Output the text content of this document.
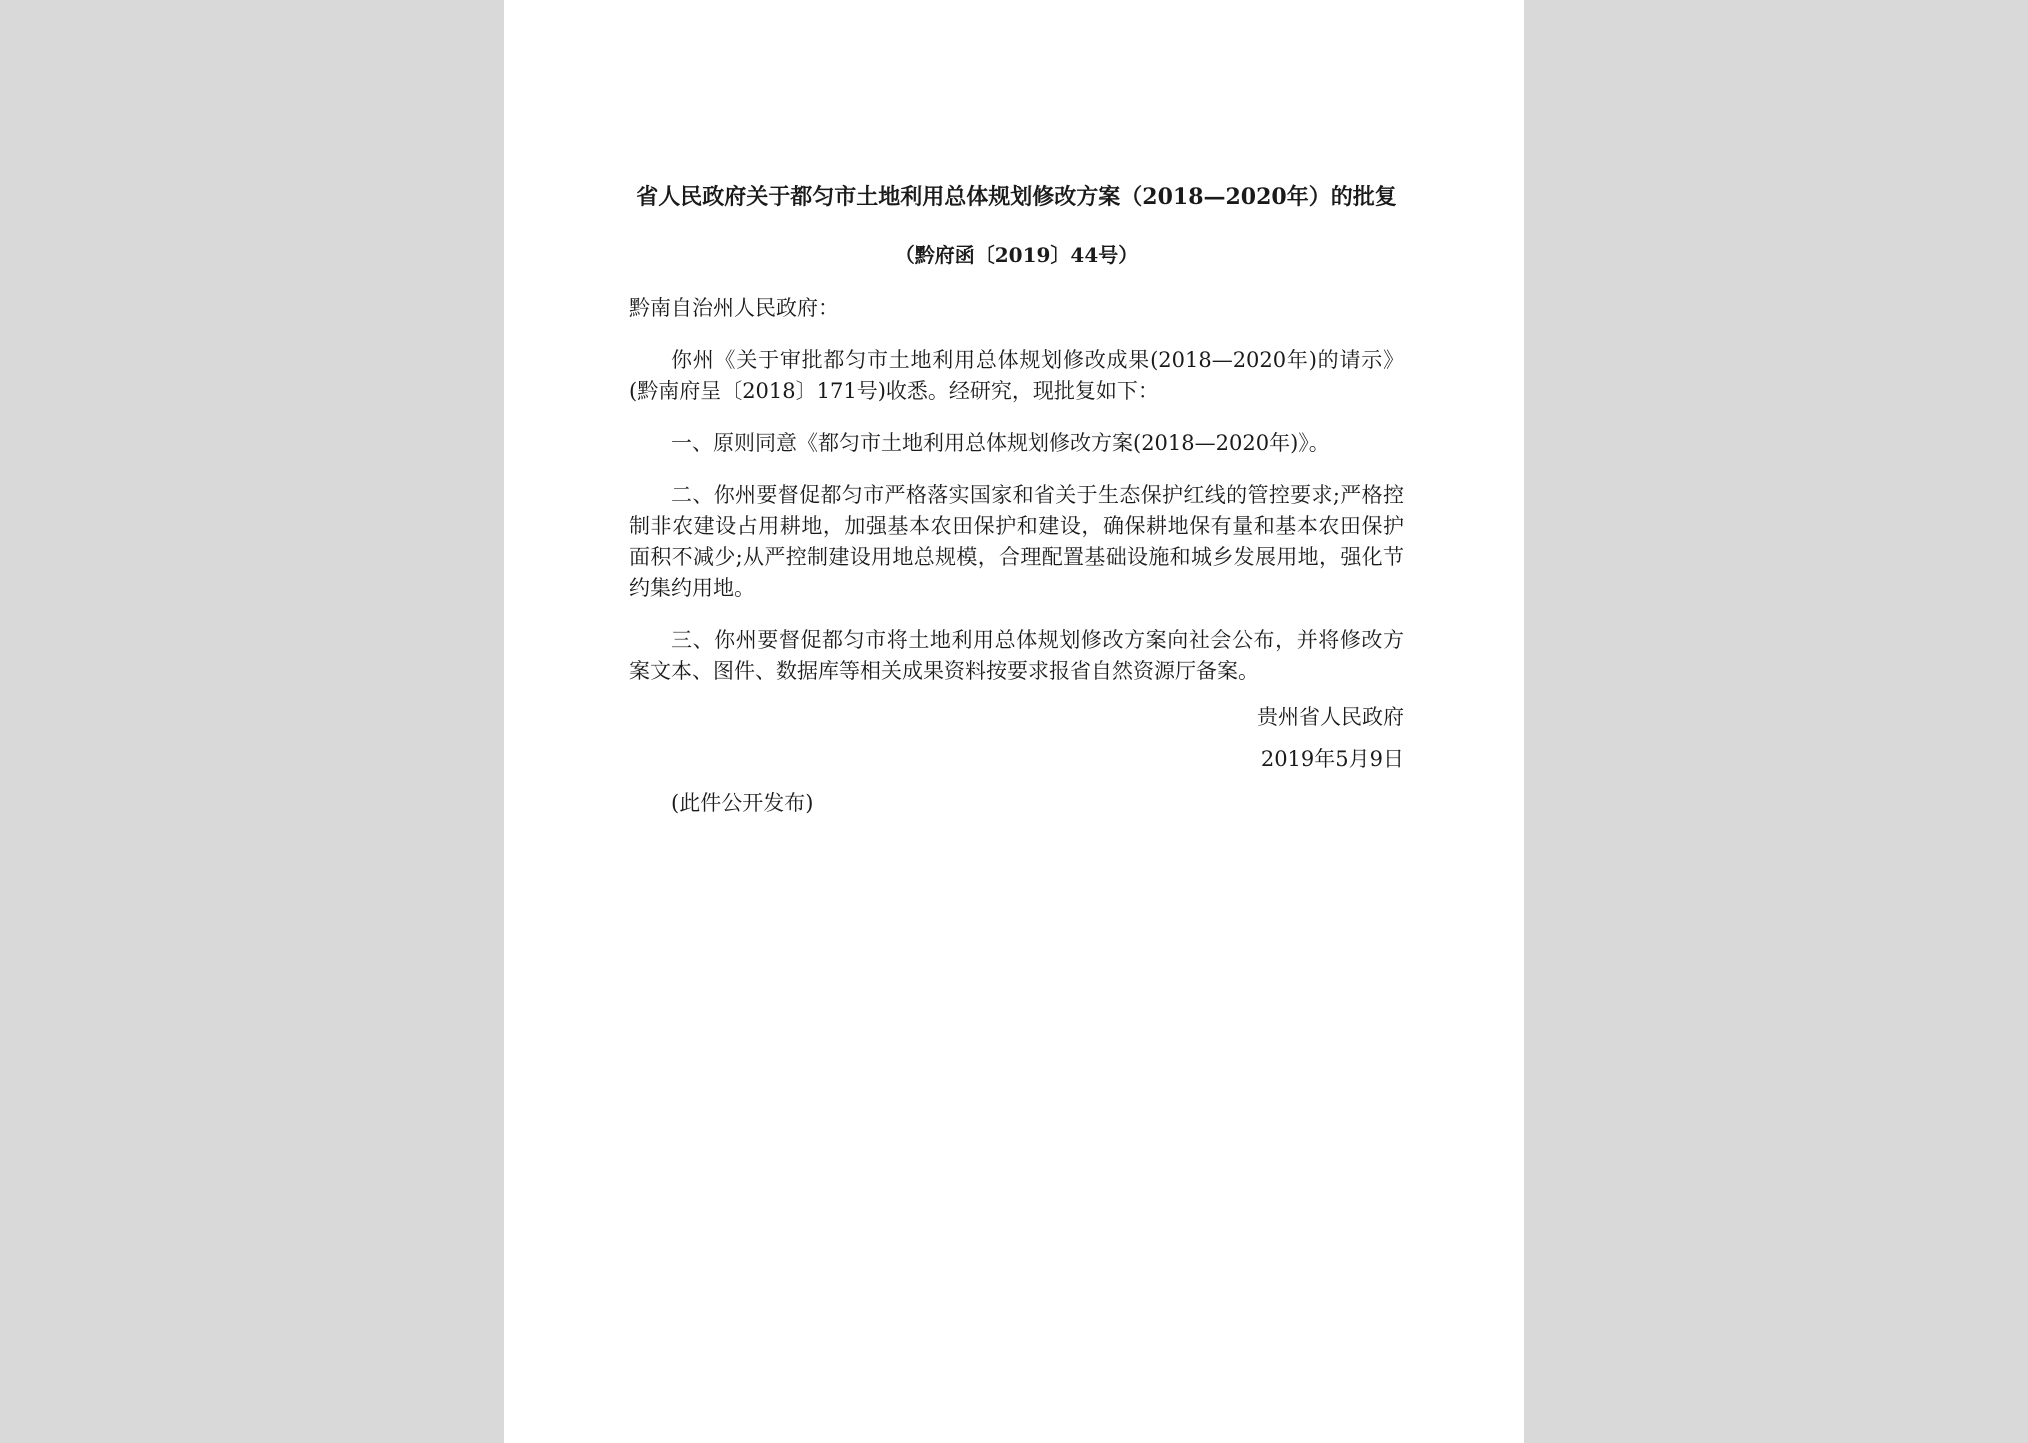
省人民政府关于都匀市土地利用总体规划修改方案（2018—2020年）的批复
（黔府函〔2019〕44号）
黔南自治州人民政府：

你州《关于审批都匀市土地利用总体规划修改成果(2018—2020年)的请示》(黔南府呈〔2018〕171号)收悉。经研究，现批复如下：

一、原则同意《都匀市土地利用总体规划修改方案(2018—2020年)》。

二、你州要督促都匀市严格落实国家和省关于生态保护红线的管控要求;严格控制非农建设占用耕地，加强基本农田保护和建设，确保耕地保有量和基本农田保护面积不减少;从严控制建设用地总规模，合理配置基础设施和城乡发展用地，强化节约集约用地。

三、你州要督促都匀市将土地利用总体规划修改方案向社会公布，并将修改方案文本、图件、数据库等相关成果资料按要求报省自然资源厅备案。

贵州省人民政府
2019年5月9日
(此件公开发布)
